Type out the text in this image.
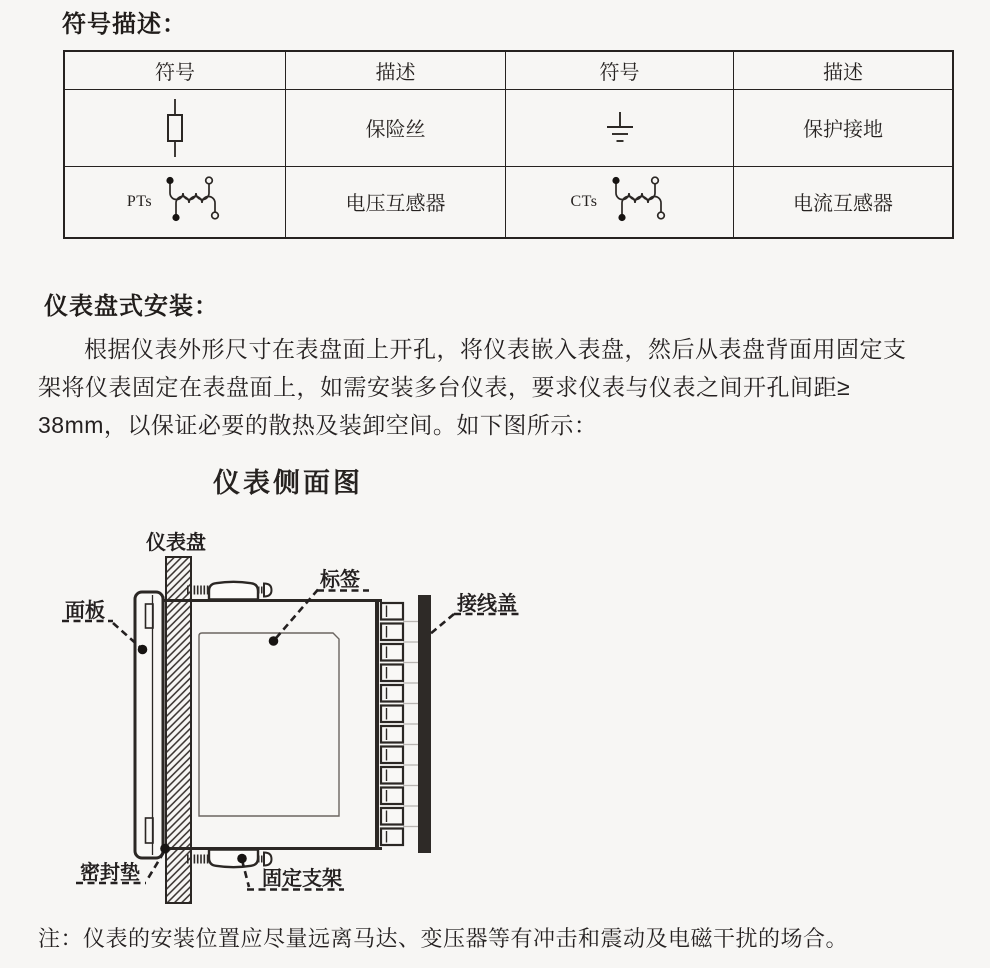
符号描述：
符号	描述	符号	描述

	保险丝		保护接地

PTs	电压互感器	CTs	电流互感器
仪表盘式安装：
根据仪表外形尺寸在表盘面上开孔，将仪表嵌入表盘，然后从表盘背面用固定支
架将仪表固定在表盘面上，如需安装多台仪表，要求仪表与仪表之间开孔间距≥
38mm，以保证必要的散热及装卸空间。如下图所示：
仪表侧面图
仪表盘
标签
接线盖
面板
密封垫	固定支架
注：仪表的安装位置应尽量远离马达、变压器等有冲击和震动及电磁干扰的场合。
